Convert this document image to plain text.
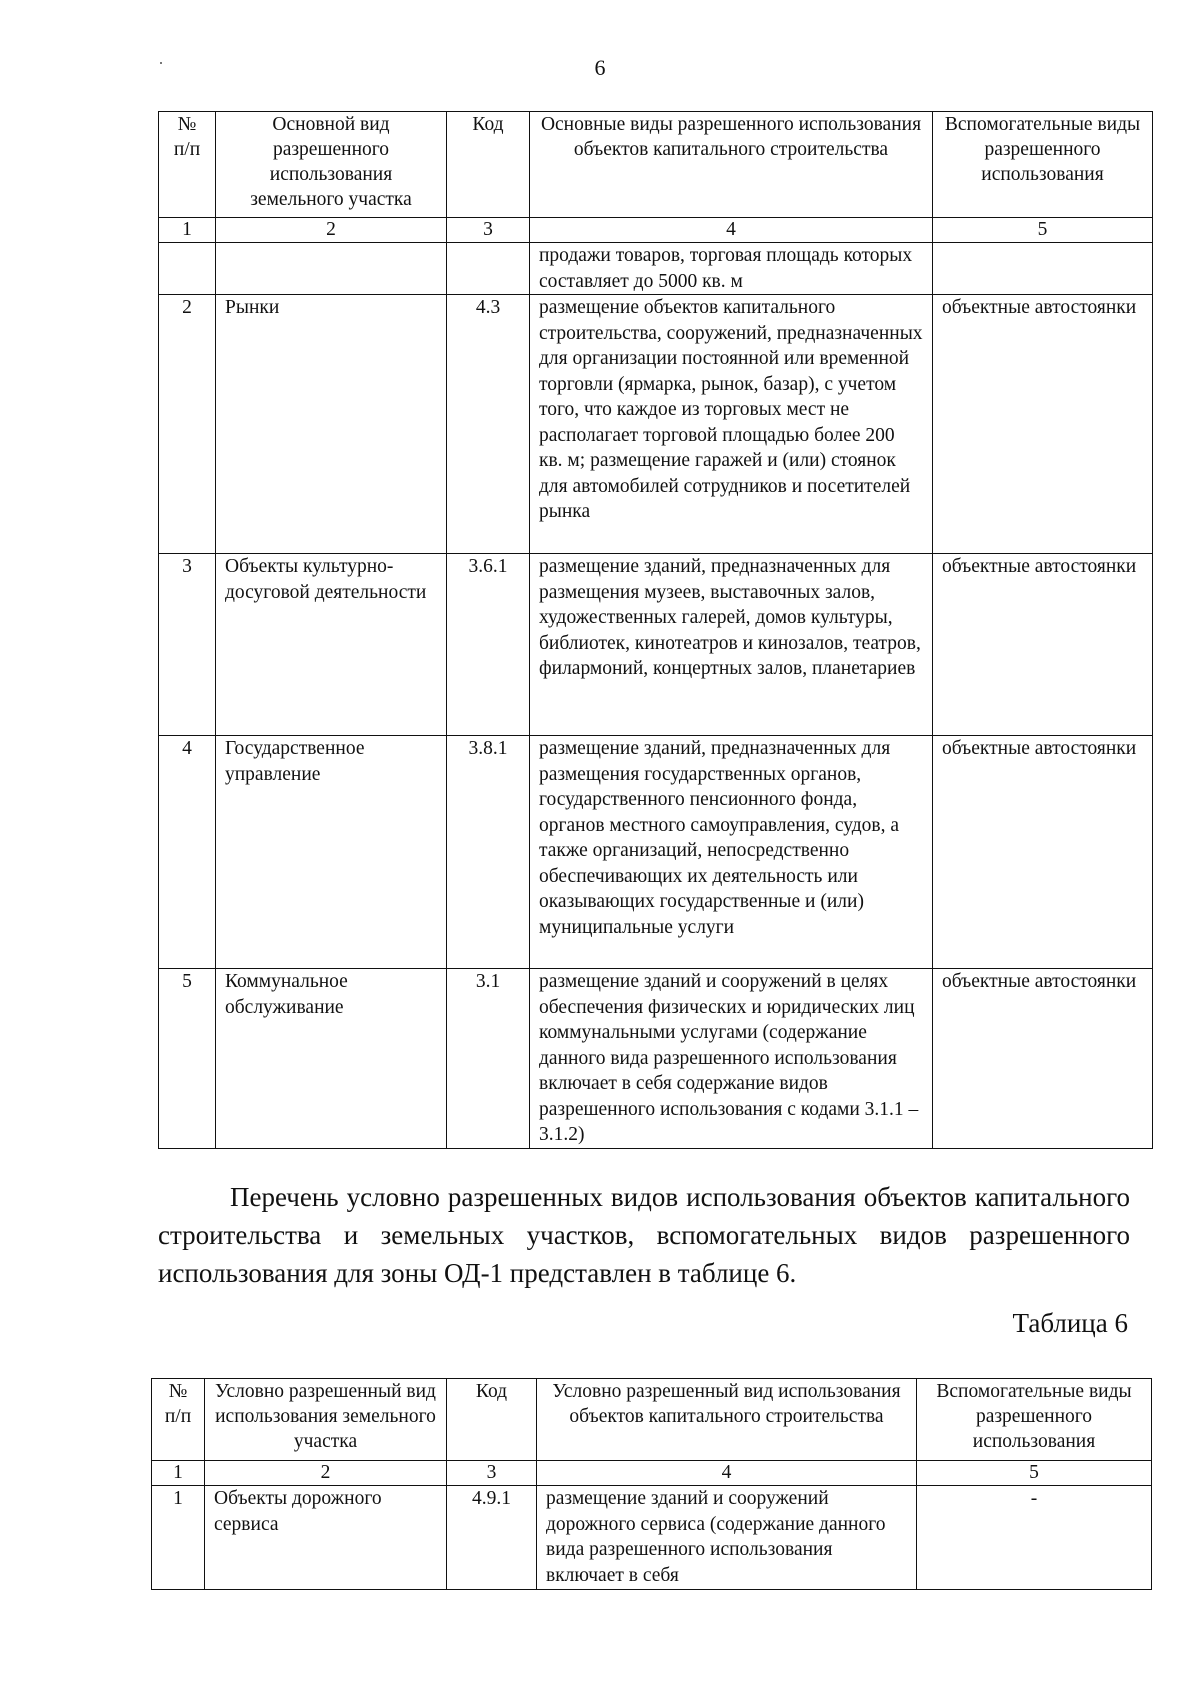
6
№ п/п	Основной вид разрешенного использования земельного участка	Код	Основные виды разрешенного использования объектов капитального строительства	Вспомогательные виды разрешенного использования
1	2	3	4	5
			продажи товаров, торговая площадь которых составляет до 5000 кв. м	
2	Рынки	4.3	размещение объектов капитального строительства, сооружений, предназначенных для организации постоянной или временной торговли (ярмарка, рынок, базар), с учетом того, что каждое из торговых мест не располагает торговой площадью более 200 кв. м; размещение гаражей и (или) стоянок для автомобилей сотрудников и посетителей рынка	объектные автостоянки
3	Объекты культурно-досуговой деятельности	3.6.1	размещение зданий, предназначенных для размещения музеев, выставочных залов, художественных галерей, домов культуры, библиотек, кинотеатров и кинозалов, театров, филармоний, концертных залов, планетариев	объектные автостоянки
4	Государственное управление	3.8.1	размещение зданий, предназначенных для размещения государственных органов, государственного пенсионного фонда, органов местного самоуправления, судов, а также организаций, непосредственно обеспечивающих их деятельность или оказывающих государственные и (или) муниципальные услуги	объектные автостоянки
5	Коммунальное обслуживание	3.1	размещение зданий и сооружений в целях обеспечения физических и юридических лиц коммунальными услугами (содержание данного вида разрешенного использования включает в себя содержание видов разрешенного использования с кодами 3.1.1 – 3.1.2)	объектные автостоянки

Перечень условно разрешенных видов использования объектов капитального строительства и земельных участков, вспомогательных видов разрешенного использования для зоны ОД-1 представлен в таблице 6.

Таблица 6
№ п/п	Условно разрешенный вид использования земельного участка	Код	Условно разрешенный вид использования объектов капитального строительства	Вспомогательные виды разрешенного использования
1	2	3	4	5
1	Объекты дорожного сервиса	4.9.1	размещение зданий и сооружений дорожного сервиса (содержание данного вида разрешенного использования включает в себя	-
